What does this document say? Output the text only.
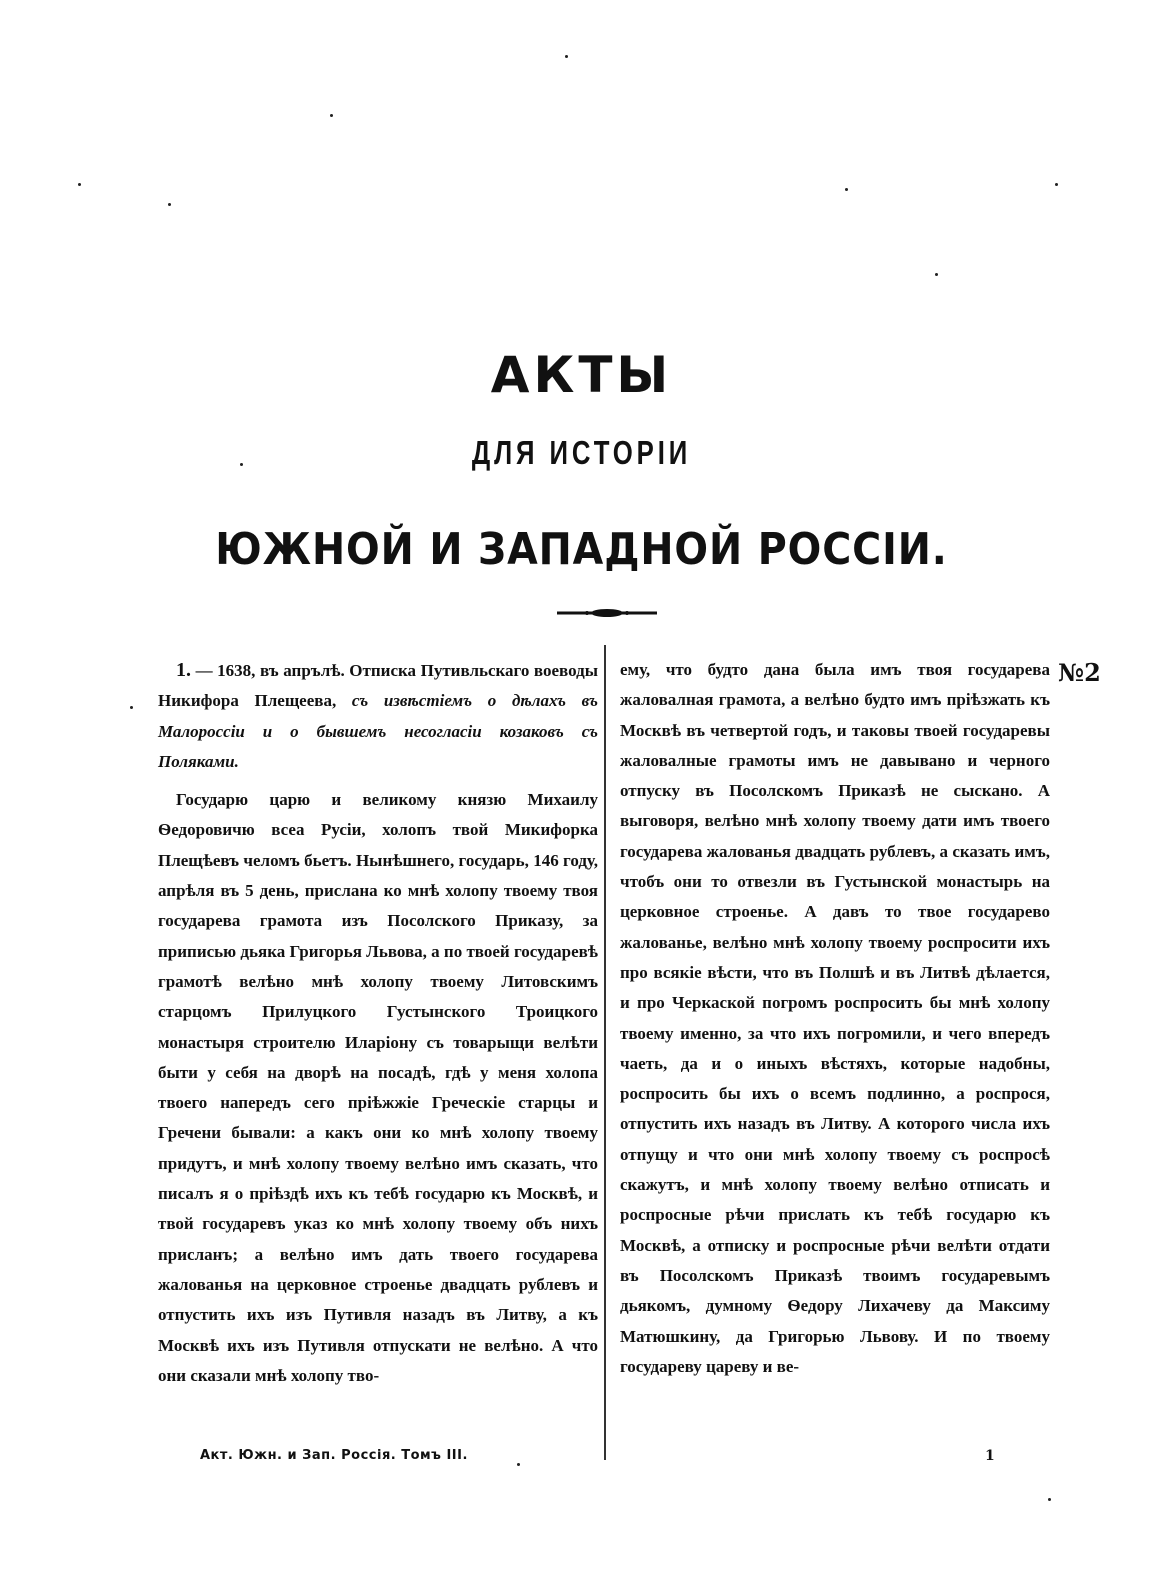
АКТЫ
ДЛЯ ИСТОРІИ
ЮЖНОЙ И ЗАПАДНОЙ РОССІИ.

1. — 1638, въ апрълѣ. Отписка Путивльскаго воеводы Никифора Плещеева, съ извѣстіемъ о дѣлахъ въ Малороссіи и о бывшемъ несогласіи козаковъ съ Поляками.

Государю царю и великому князю Михаилу Ѳедоровичю всеа Русіи, холопъ твой Микифорка Плещѣевъ челомъ бьетъ. Нынѣшнего, государь, 146 году, апрѣля въ 5 день, прислана ко мнѣ холопу твоему твоя государева грамота изъ Посолского Приказу, за приписью дьяка Григорья Львова, а по твоей государевѣ грамотѣ велѣно мнѣ холопу твоему Литовскимъ старцомъ Прилуцкого Густынского Троицкого монастыря строителю Иларіону съ товарыщи велѣти быти у себя на дворѣ на посадѣ, гдѣ у меня холопа твоего напередъ сего пріѣжжіе Греческіе старцы и Гречени бывали: а какъ они ко мнѣ холопу твоему придутъ, и мнѣ холопу твоему велѣно имъ сказать, что писалъ я о пріѣздѣ ихъ къ тебѣ государю къ Москвѣ, и твой государевъ указ ко мнѣ холопу твоему объ нихъ присланъ; а велѣно имъ дать твоего государева жалованья на церковное строенье двадцать рублевъ и отпустить ихъ изъ Путивля назадъ въ Литву, а къ Москвѣ ихъ изъ Путивля отпускати не велѣно. А что они сказали мнѣ холопу тво-

ему, что будто дана была имъ твоя государева жаловалная грамота, а велѣно будто имъ пріѣзжать къ Москвѣ въ четвертой годъ, и таковы твоей государевы жаловалные грамоты имъ не давывано и черного отпуску въ Посолскомъ Приказѣ не сыскано. А выговоря, велѣно мнѣ холопу твоему дати имъ твоего государева жалованья двадцать рублевъ, а сказать имъ, чтобъ они то отвезли въ Густынской монастырь на церковное строенье. А давъ то твое государево жалованье, велѣно мнѣ холопу твоему роспросити ихъ про всякіе вѣсти, что въ Полшѣ и въ Литвѣ дѣлается, и про Черкаской погромъ роспросить бы мнѣ холопу твоему именно, за что ихъ погромили, и чего впередъ чаеть, да и о иныхъ вѣстяхъ, которые надобны, роспросить бы ихъ о всемъ подлинно, а роспрося, отпустить ихъ назадъ въ Литву. А которого числа ихъ отпущу и что они мнѣ холопу твоему съ роспросѣ скажутъ, и мнѣ холопу твоему велѣно отписать и роспросные рѣчи прислать къ тебѣ государю къ Москвѣ, а отписку и роспросные рѣчи велѣти отдати въ Посолскомъ Приказѣ твоимъ государевымъ дьякомъ, думному Ѳедору Лихачеву да Максиму Матюшкину, да Григорью Львову. И по твоему государеву цареву и ве-

№2
Акт. Южн. и Зап. Россія. Томъ III.	1
